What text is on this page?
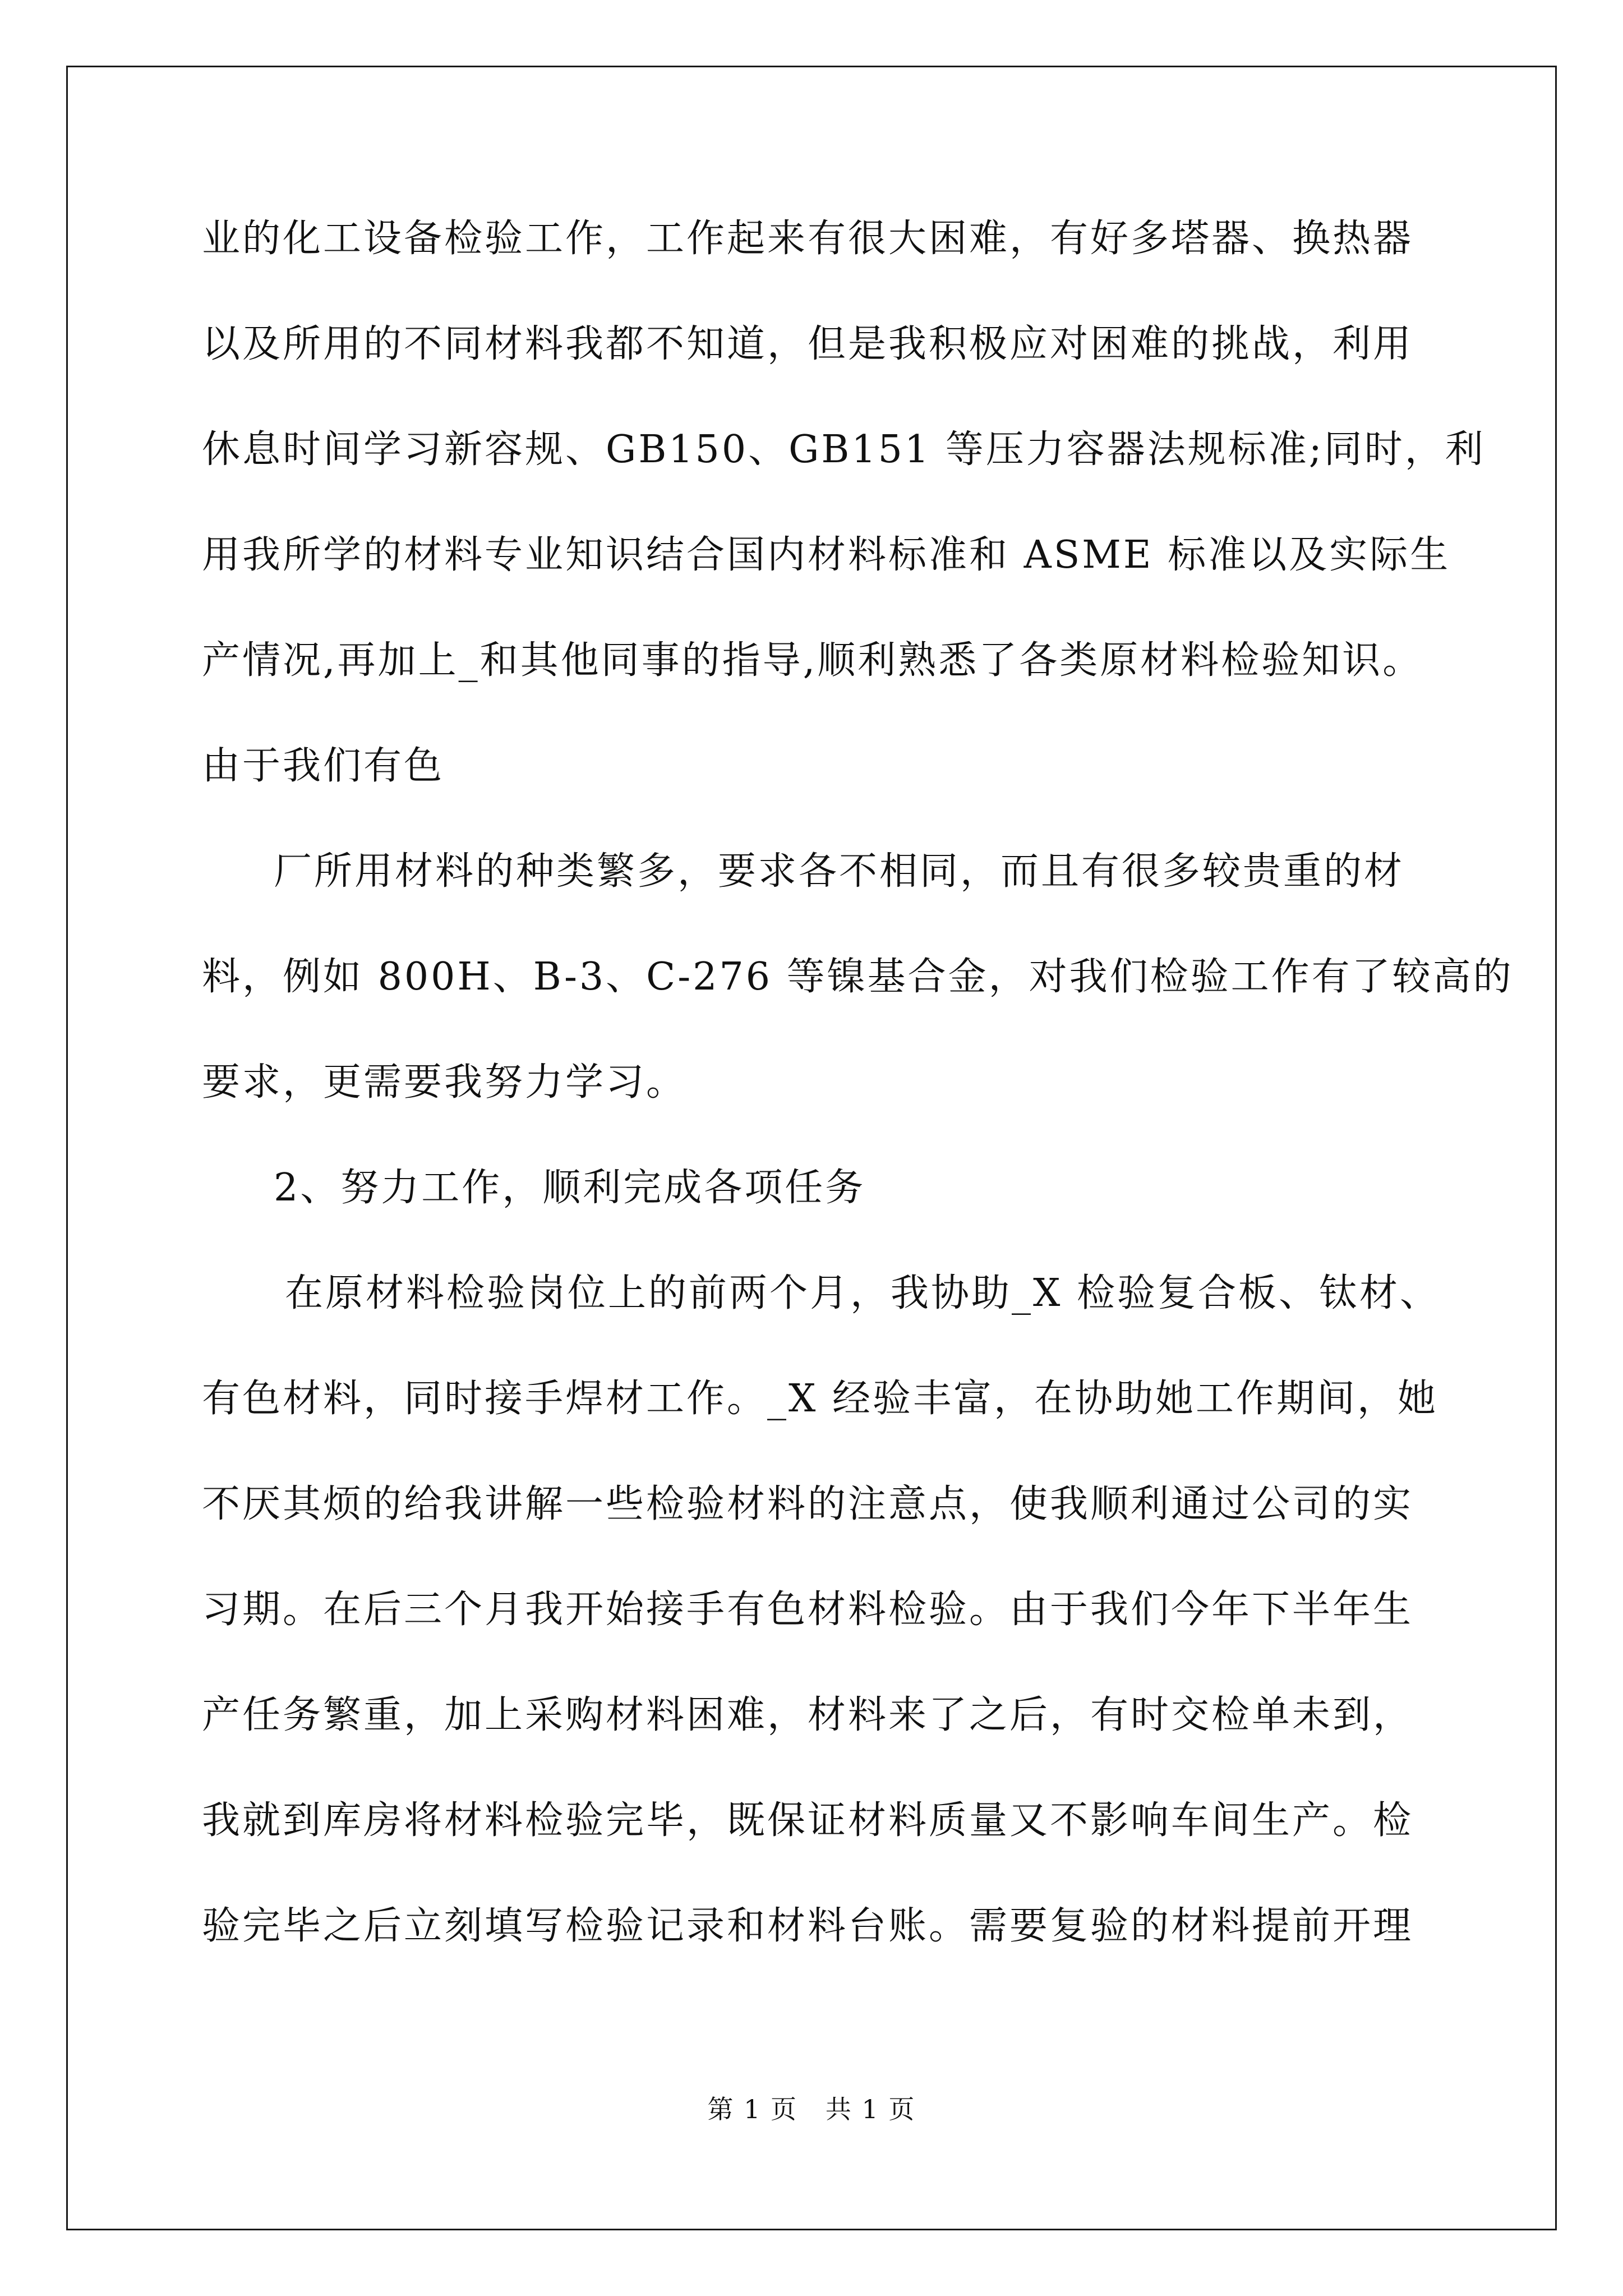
业的化工设备检验工作，工作起来有很大困难，有好多塔器、换热器
以及所用的不同材料我都不知道，但是我积极应对困难的挑战，利用
休息时间学习新容规、GB150、GB151 等压力容器法规标准;同时，利
用我所学的材料专业知识结合国内材料标准和 ASME 标准以及实际生
产情况,再加上_和其他同事的指导,顺利熟悉了各类原材料检验知识。
由于我们有色
厂所用材料的种类繁多，要求各不相同，而且有很多较贵重的材
料，例如 800H、B-3、C-276 等镍基合金，对我们检验工作有了较高的
要求，更需要我努力学习。
2、努力工作，顺利完成各项任务
在原材料检验岗位上的前两个月，我协助_X 检验复合板、钛材、
有色材料，同时接手焊材工作。_X 经验丰富，在协助她工作期间，她
不厌其烦的给我讲解一些检验材料的注意点，使我顺利通过公司的实
习期。在后三个月我开始接手有色材料检验。由于我们今年下半年生
产任务繁重，加上采购材料困难，材料来了之后，有时交检单未到，
我就到库房将材料检验完毕，既保证材料质量又不影响车间生产。检
验完毕之后立刻填写检验记录和材料台账。需要复验的材料提前开理
第 1 页   共 1 页
